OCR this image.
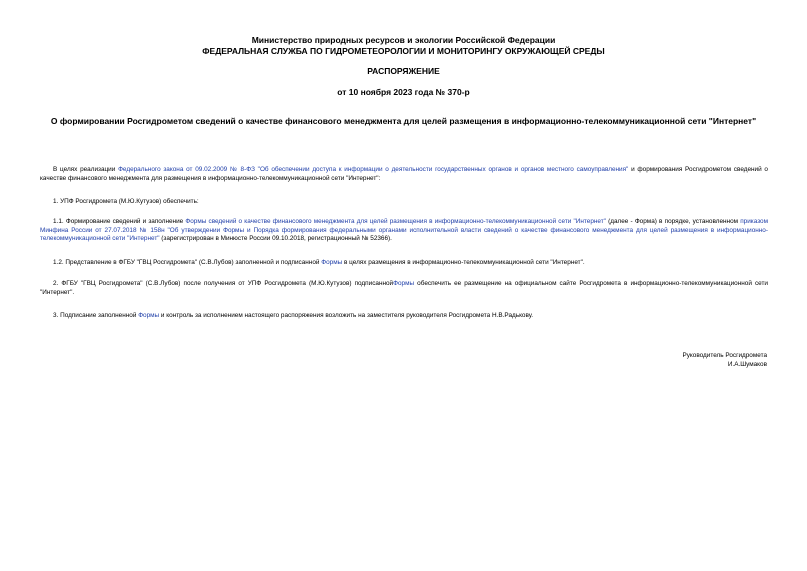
Министерство природных ресурсов и экологии Российской Федерации
ФЕДЕРАЛЬНАЯ СЛУЖБА ПО ГИДРОМЕТЕОРОЛОГИИ И МОНИТОРИНГУ ОКРУЖАЮЩЕЙ СРЕДЫ
РАСПОРЯЖЕНИЕ
от 10 ноября 2023 года № 370-р
О формировании Росгидрометом сведений о качестве финансового менеджмента для целей размещения в информационно-телекоммуникационной сети "Интернет"
В целях реализации Федерального закона от 09.02.2009 № 8-ФЗ "Об обеспечении доступа к информации о деятельности государственных органов и органов местного самоуправления" и формирования Росгидрометом сведений о качестве финансового менеджмента для размещения в информационно-телекоммуникационной сети "Интернет":
1. УПФ Росгидромета (М.Ю.Кутузов) обеспечить:
1.1. Формирование сведений и заполнение Формы сведений о качестве финансового менеджмента для целей размещения в информационно-телекоммуникационной сети "Интернет" (далее - Форма) в порядке, установленном приказом Минфина России от 27.07.2018 № 158н "Об утверждении Формы и Порядка формирования федеральными органами исполнительной власти сведений о качестве финансового менеджмента для целей размещения в информационно-телекоммуникационной сети "Интернет" (зарегистрирован в Минюсте России 09.10.2018, регистрационный № 52366).
1.2. Представление в ФГБУ "ГВЦ Росгидромета" (С.В.Лубов) заполненной и подписанной Формы в целях размещения в информационно-телекоммуникационной сети "Интернет".
2. ФГБУ "ГВЦ Росгидромета" (С.В.Лубов) после получения от УПФ Росгидромета (М.Ю.Кутузов) подписаннойФормы обеспечить ее размещение на официальном сайте Росгидромета в информационно-телекоммуникационной сети "Интернет".
3. Подписание заполненной Формы и контроль за исполнением настоящего распоряжения возложить на заместителя руководителя Росгидромета Н.В.Радькову.
Руководитель Росгидромета
И.А.Шумаков
